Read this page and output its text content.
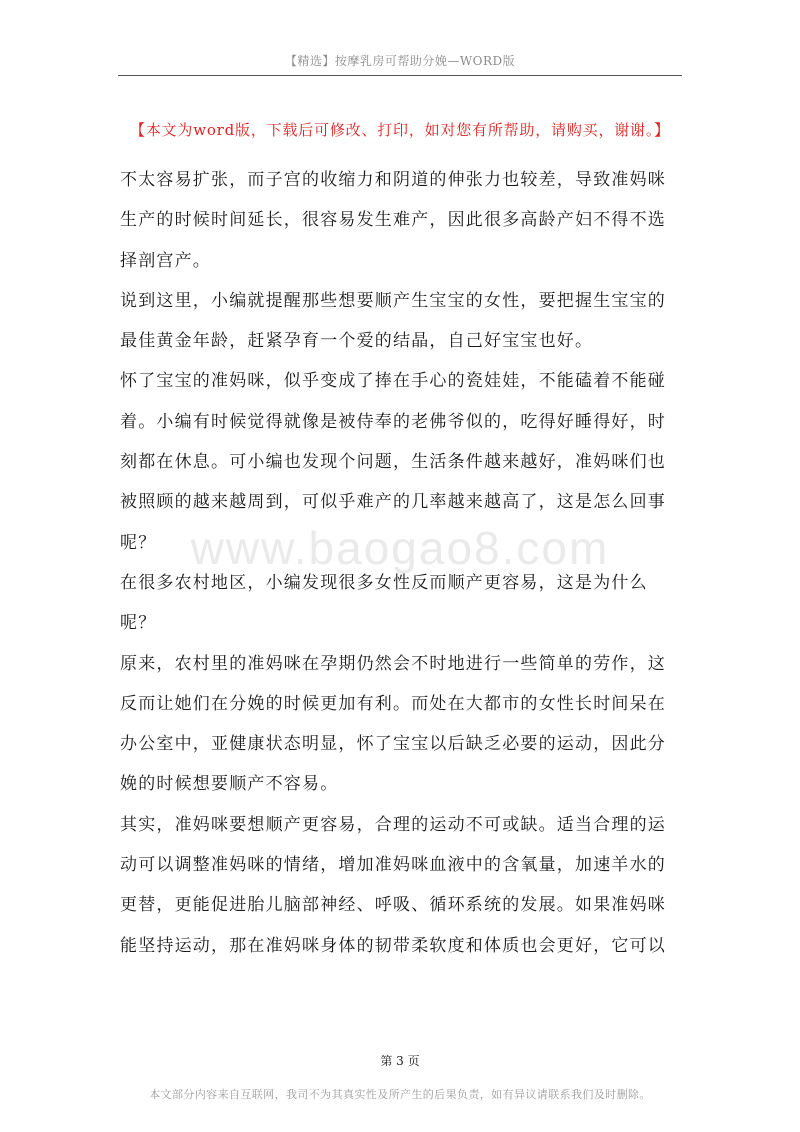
【精选】按摩乳房可帮助分娩—WORD版
【本文为word版，下载后可修改、打印，如对您有所帮助，请购买，谢谢。】

不太容易扩张，而子宫的收缩力和阴道的伸张力也较差，导致准妈咪生产的时候时间延长，很容易发生难产，因此很多高龄产妇不得不选择剖宫产。

说到这里，小编就提醒那些想要顺产生宝宝的女性，要把握生宝宝的最佳黄金年龄，赶紧孕育一个爱的结晶，自己好宝宝也好。

怀了宝宝的准妈咪，似乎变成了捧在手心的瓷娃娃，不能磕着不能碰着。小编有时候觉得就像是被侍奉的老佛爷似的，吃得好睡得好，时刻都在休息。可小编也发现个问题，生活条件越来越好，准妈咪们也被照顾的越来越周到，可似乎难产的几率越来越高了，这是怎么回事呢？

在很多农村地区，小编发现很多女性反而顺产更容易，这是为什么呢？

原来，农村里的准妈咪在孕期仍然会不时地进行一些简单的劳作，这反而让她们在分娩的时候更加有利。而处在大都市的女性长时间呆在办公室中，亚健康状态明显，怀了宝宝以后缺乏必要的运动，因此分娩的时候想要顺产不容易。

其实，准妈咪要想顺产更容易，合理的运动不可或缺。适当合理的运动可以调整准妈咪的情绪，增加准妈咪血液中的含氧量，加速羊水的更替，更能促进胎儿脑部神经、呼吸、循环系统的发展。如果准妈咪能坚持运动，那在准妈咪身体的韧带柔软度和体质也会更好，它可以

www.baogao8.com
第 3 页
本文部分内容来自互联网，我司不为其真实性及所产生的后果负责，如有异议请联系我们及时删除。
